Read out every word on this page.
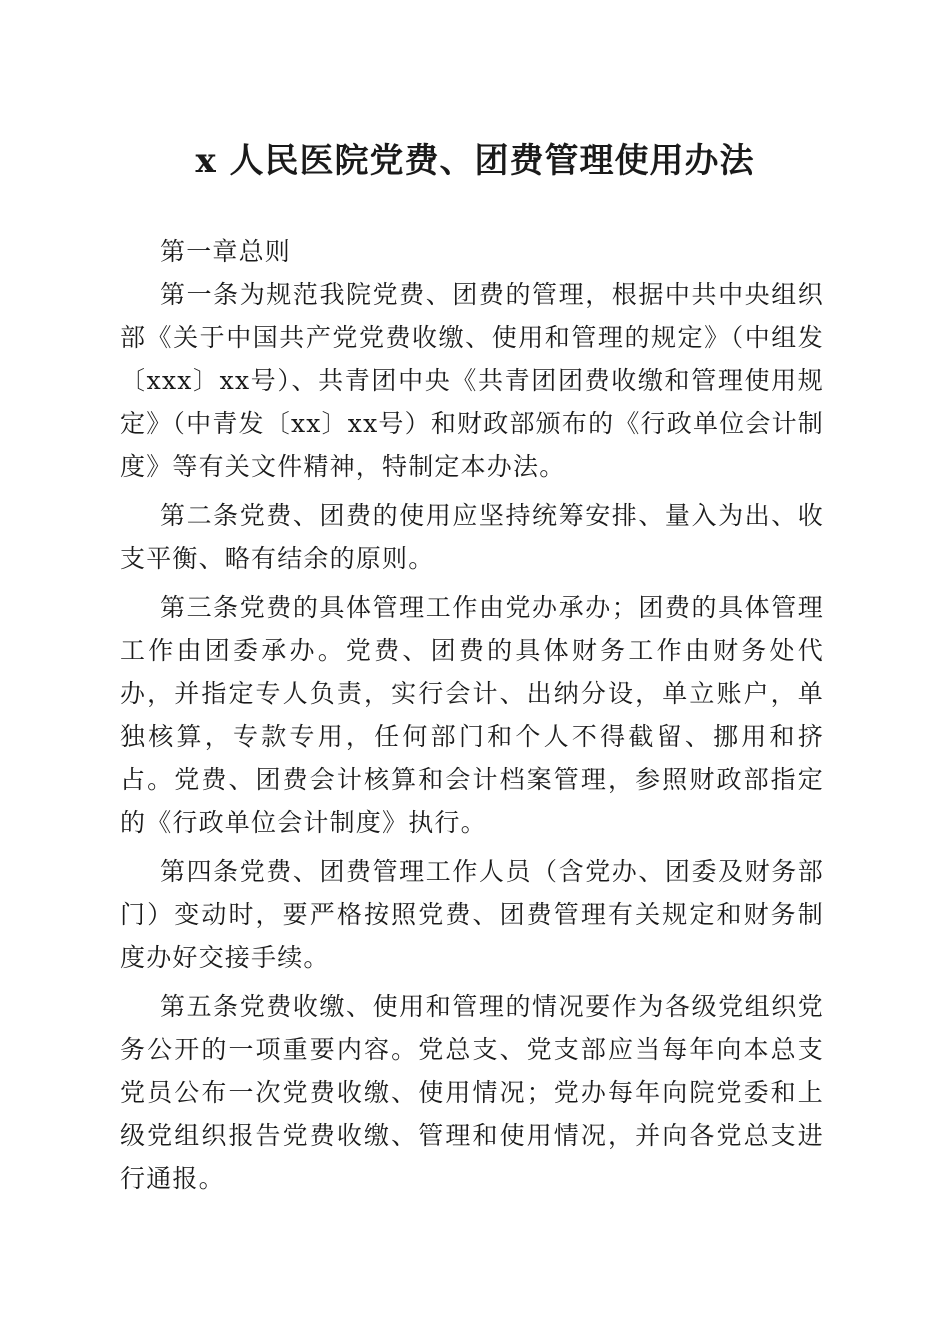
x 人民医院党费、团费管理使用办法

第一章总则

第一条为规范我院党费、团费的管理，根据中共中央组织部《关于中国共产党党费收缴、使用和管理的规定》（中组发〔xxx〕xx号）、共青团中央《共青团团费收缴和管理使用规定》（中青发〔xx〕xx号）和财政部颁布的《行政单位会计制度》等有关文件精神，特制定本办法。

第二条党费、团费的使用应坚持统筹安排、量入为出、收支平衡、略有结余的原则。

第三条党费的具体管理工作由党办承办；团费的具体管理工作由团委承办。党费、团费的具体财务工作由财务处代办，并指定专人负责，实行会计、出纳分设，单立账户，单独核算，专款专用，任何部门和个人不得截留、挪用和挤占。党费、团费会计核算和会计档案管理，参照财政部指定的《行政单位会计制度》执行。

第四条党费、团费管理工作人员（含党办、团委及财务部门）变动时，要严格按照党费、团费管理有关规定和财务制度办好交接手续。

第五条党费收缴、使用和管理的情况要作为各级党组织党务公开的一项重要内容。党总支、党支部应当每年向本总支党员公布一次党费收缴、使用情况；党办每年向院党委和上级党组织报告党费收缴、管理和使用情况，并向各党总支进行通报。
